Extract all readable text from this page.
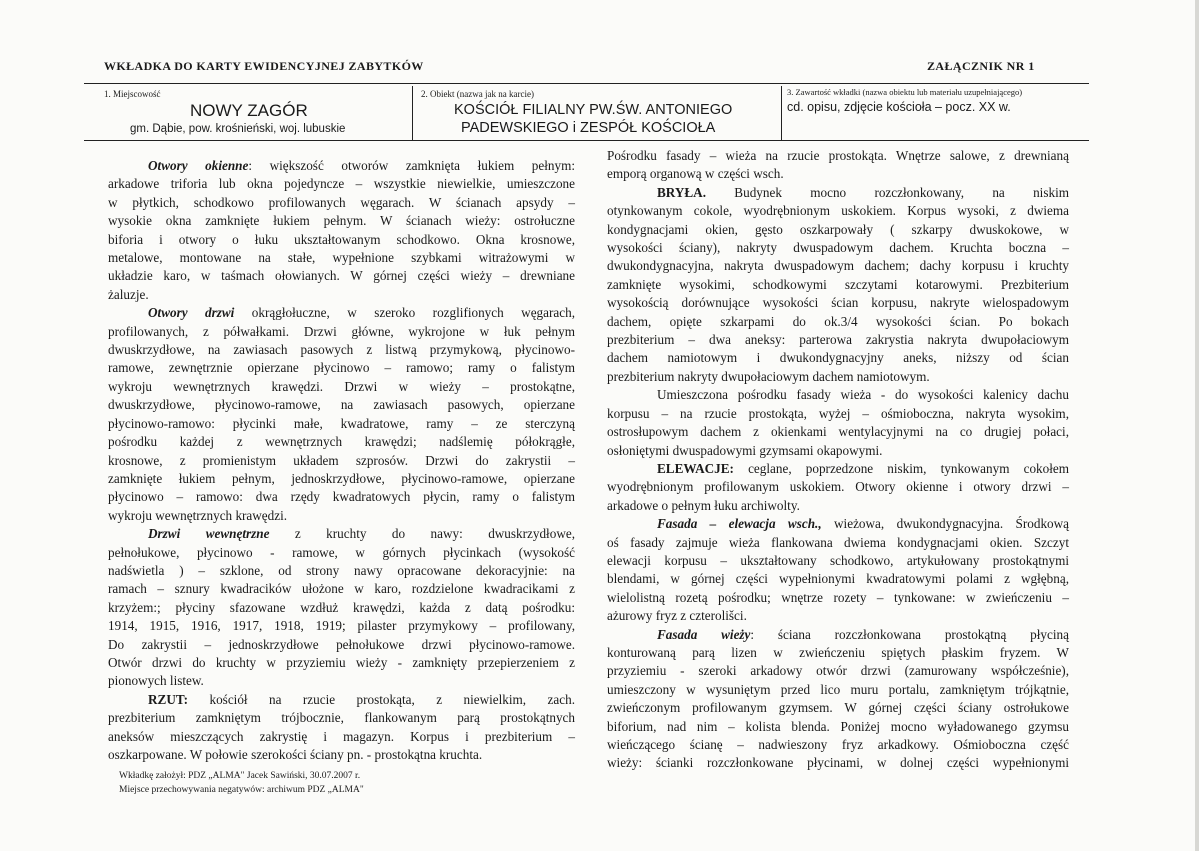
WKŁADKA DO KARTY EWIDENCYJNEJ ZABYTKÓW	ZAŁĄCZNIK NR 1
1. Miejscowość
NOWY ZAGÓR
gm. Dąbie, pow. krośnieński, woj. lubuskie
2. Obiekt (nazwa jak na karcie)
KOŚCIÓŁ FILIALNY PW.ŚW. ANTONIEGO
PADEWSKIEGO i ZESPÓŁ KOŚCIOŁA
3. Zawartość wkładki (nazwa obiektu lub materiału uzupełniającego)
cd. opisu, zdjęcie kościoła – pocz. XX w.

Otwory okienne: większość otworów zamknięta łukiem pełnym:
arkadowe triforia lub okna pojedyncze – wszystkie niewielkie, umieszczone
w płytkich, schodkowo profilowanych węgarach. W ścianach apsydy –
wysokie okna zamknięte łukiem pełnym. W ścianach wieży: ostrołuczne
biforia i otwory o łuku ukształtowanym schodkowo. Okna krosnowe,
metalowe, montowane na stałe, wypełnione szybkami witrażowymi w
układzie karo, w taśmach ołowianych. W górnej części wieży – drewniane
żaluzje.

Otwory drzwi okrągłołuczne, w szeroko rozglifionych węgarach,
profilowanych, z półwałkami. Drzwi główne, wykrojone w łuk pełnym
dwuskrzydłowe, na zawiasach pasowych z listwą przymykową, płycinowo-
ramowe, zewnętrznie opierzane płycinowo – ramowo; ramy o falistym
wykroju wewnętrznych krawędzi. Drzwi w wieży – prostokątne,
dwuskrzydłowe, płycinowo-ramowe, na zawiasach pasowych, opierzane
płycinowo-ramowo: płycinki małe, kwadratowe, ramy – ze sterczyną
pośrodku każdej z wewnętrznych krawędzi; nadślemię półokrągłe,
krosnowe, z promienistym układem szprosów. Drzwi do zakrystii –
zamknięte łukiem pełnym, jednoskrzydłowe, płycinowo-ramowe, opierzane
płycinowo – ramowo: dwa rzędy kwadratowych płycin, ramy o falistym
wykroju wewnętrznych krawędzi.

Drzwi wewnętrzne z kruchty do nawy: dwuskrzydłowe,
pełnołukowe, płycinowo - ramowe, w górnych płycinkach (wysokość
nadświetla ) – szklone, od strony nawy opracowane dekoracyjnie: na
ramach – sznury kwadracików ułożone w karo, rozdzielone kwadracikami z
krzyżem:; płyciny sfazowane wzdłuż krawędzi, każda z datą pośrodku:
1914, 1915, 1916, 1917, 1918, 1919; pilaster przymykowy – profilowany,
Do zakrystii – jednoskrzydłowe pełnołukowe drzwi płycinowo-ramowe.
Otwór drzwi do kruchty w przyziemiu wieży - zamknięty przepierzeniem z
pionowych listew.

RZUT: kościół na rzucie prostokąta, z niewielkim, zach.
prezbiterium zamkniętym trójbocznie, flankowanym parą prostokątnych
aneksów mieszczących zakrystię i magazyn. Korpus i prezbiterium –
oszkarpowane. W połowie szerokości ściany pn. - prostokątna kruchta.

Pośrodku fasady – wieża na rzucie prostokąta. Wnętrze salowe, z drewnianą
emporą organową w części wsch.

BRYŁA. Budynek mocno rozczłonkowany, na niskim
otynkowanym cokole, wyodrębnionym uskokiem. Korpus wysoki, z dwiema
kondygnacjami okien, gęsto oszkarpowały ( szkarpy dwuskokowe, w
wysokości ściany), nakryty dwuspadowym dachem. Kruchta boczna –
dwukondygnacyjna, nakryta dwuspadowym dachem; dachy korpusu i kruchty
zamknięte wysokimi, schodkowymi szczytami kotarowymi. Prezbiterium
wysokością dorównujące wysokości ścian korpusu, nakryte wielospadowym
dachem, opięte szkarpami do ok.3/4 wysokości ścian. Po bokach
prezbiterium – dwa aneksy: parterowa zakrystia nakryta dwupołaciowym
dachem namiotowym i dwukondygnacyjny aneks, niższy od ścian
prezbiterium nakryty dwupołaciowym dachem namiotowym.

Umieszczona pośrodku fasady wieża - do wysokości kalenicy dachu
korpusu – na rzucie prostokąta, wyżej – ośmioboczna, nakryta wysokim,
ostrosłupowym dachem z okienkami wentylacyjnymi na co drugiej połaci,
osłoniętymi dwuspadowymi gzymsami okapowymi.

ELEWACJE: ceglane, poprzedzone niskim, tynkowanym cokołem
wyodrębnionym profilowanym uskokiem. Otwory okienne i otwory drzwi –
arkadowe o pełnym łuku archiwolty.

Fasada – elewacja wsch., wieżowa, dwukondygnacyjna. Środkową
oś fasady zajmuje wieża flankowana dwiema kondygnacjami okien. Szczyt
elewacji korpusu – ukształtowany schodkowo, artykułowany prostokątnymi
blendami, w górnej części wypełnionymi kwadratowymi polami z wgłębną,
wielolistną rozetą pośrodku; wnętrze rozety – tynkowane: w zwieńczeniu –
ażurowy fryz z czterolišci.

Fasada wieży: ściana rozczłonkowana prostokątną płyciną
konturowaną parą lizen w zwieńczeniu spiętych płaskim fryzem. W
przyziemiu - szeroki arkadowy otwór drzwi (zamurowany współcześnie),
umieszczony w wysuniętym przed lico muru portalu, zamkniętym trójkątnie,
zwieńczonym profilowanym gzymsem. W górnej części ściany ostrołukowe
biforium, nad nim – kolista blenda. Poniżej mocno wyładowanego gzymsu
wieńczącego ścianę – nadwieszony fryz arkadkowy. Ośmioboczna część
wieży: ścianki rozczłonkowane płycinami, w dolnej części wypełnionymi

Wkładkę założył: PDZ „ALMA" Jacek Sawiński, 30.07.2007 r.
Miejsce przechowywania negatywów: archiwum PDZ „ALMA"
